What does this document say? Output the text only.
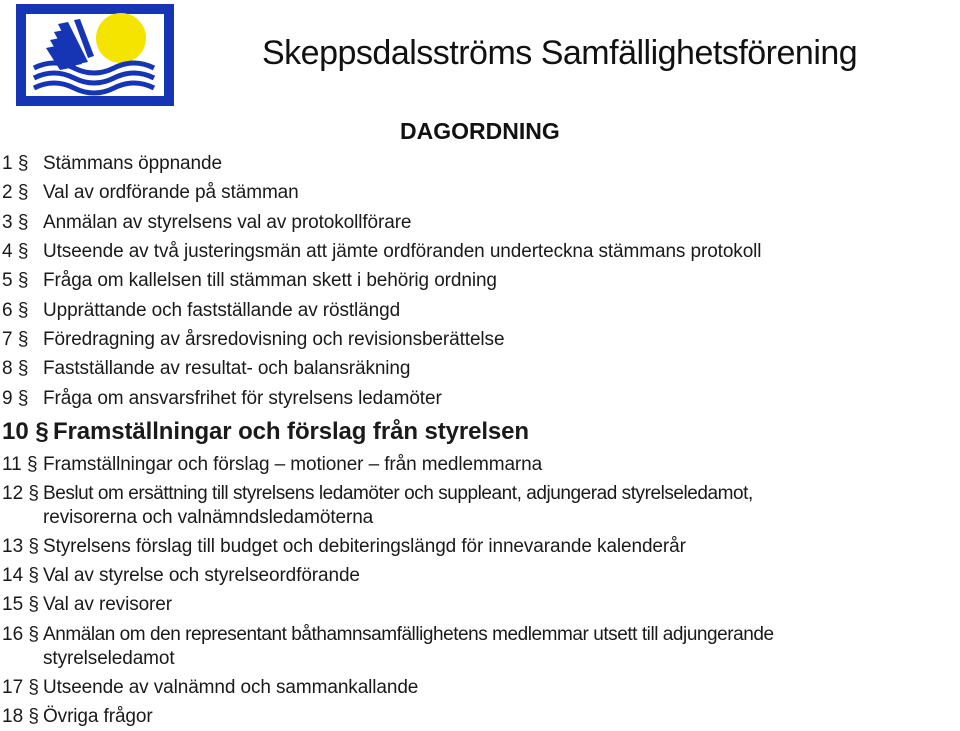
Skeppsdalsströms Samfällighetsförening
DAGORDNING
1 § Stämmans öppnande
2 § Val av ordförande på stämman
3 § Anmälan av styrelsens val av protokollförare
4 § Utseende av två justeringsmän att jämte ordföranden underteckna stämmans protokoll
5 § Fråga om kallelsen till stämman skett i behörig ordning
6 § Upprättande och fastställande av röstlängd
7 § Föredragning av årsredovisning och revisionsberättelse
8 § Fastställande av resultat- och balansräkning
9 § Fråga om ansvarsfrihet för styrelsens ledamöter
10 § Framställningar och förslag från styrelsen
11 § Framställningar och förslag – motioner – från medlemmarna
12 § Beslut om ersättning till styrelsens ledamöter och suppleant, adjungerad styrelseledamot,
revisorerna och valnämndsledamöterna
13 § Styrelsens förslag till budget och debiteringslängd för innevarande kalenderår
14 § Val av styrelse och styrelseordförande
15 § Val av revisorer
16 § Anmälan om den representant båthamnsamfällighetens medlemmar utsett till adjungerande
styrelseledamot
17 § Utseende av valnämnd och sammankallande
18 § Övriga frågor
